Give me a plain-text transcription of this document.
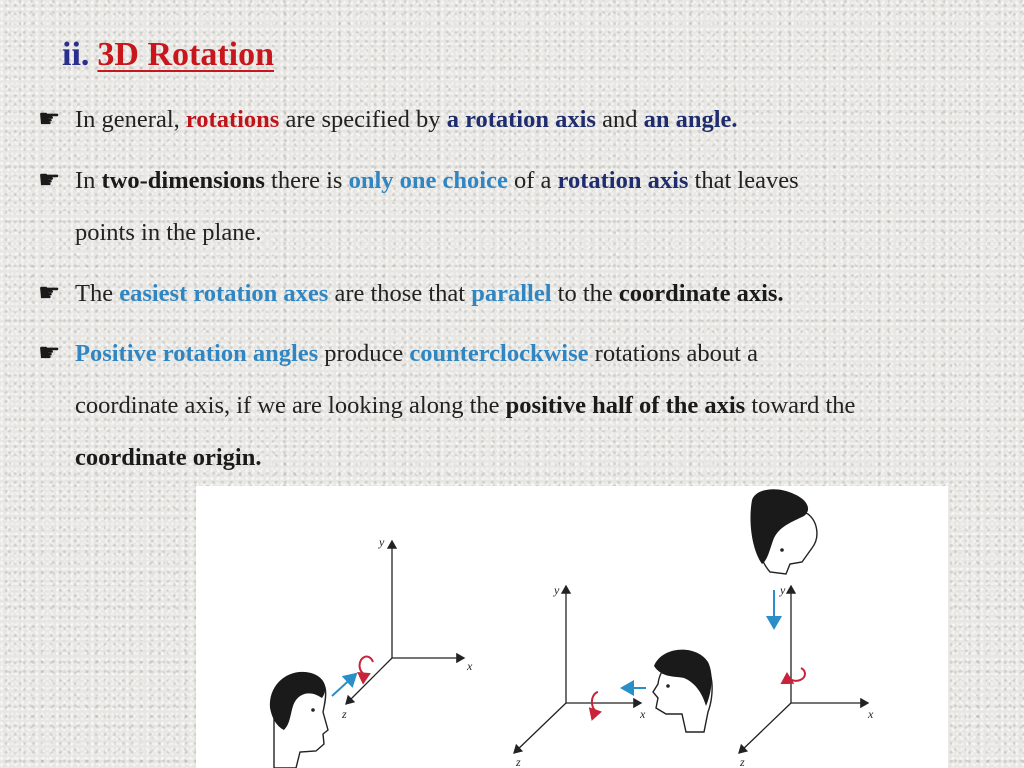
ii. 3D Rotation
☛ In general, rotations are specified by a rotation axis and an angle.
☛ In two-dimensions there is only one choice of a rotation axis that leaves
points in the plane.
☛ The easiest rotation axes are those that parallel to the coordinate axis.
☛ Positive rotation angles produce counterclockwise rotations about a
coordinate axis, if we are looking along the positive half of the axis toward the
coordinate origin.
y
x
z
y
x
z
y
x
z
